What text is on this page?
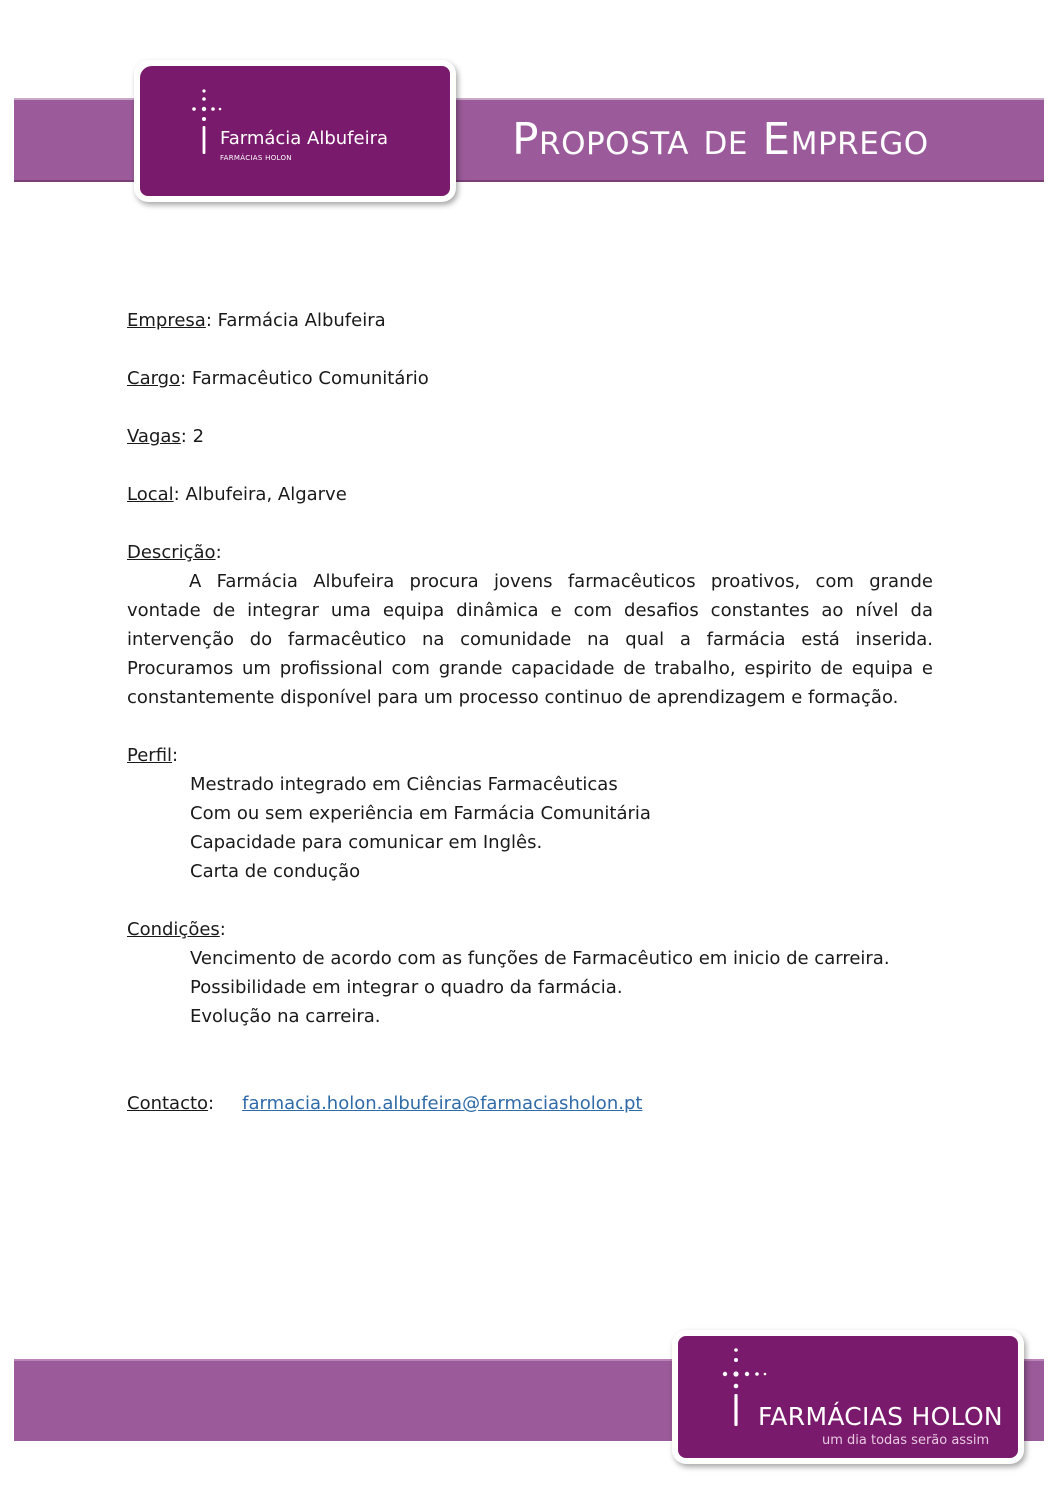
Proposta de Emprego
Farmácia Albufeira
FARMÁCIAS HOLON

Empresa: Farmácia Albufeira

Cargo: Farmacêutico Comunitário

Vagas: 2

Local: Albufeira, Algarve

Descrição:

A Farmácia Albufeira procura jovens farmacêuticos proativos, com grande vontade de integrar uma equipa dinâmica e com desafios constantes ao nível da intervenção do farmacêutico na comunidade na qual a farmácia está inserida. Procuramos um profissional com grande capacidade de trabalho, espirito de equipa e constantemente disponível para um processo continuo de aprendizagem e formação.

Perfil:

Mestrado integrado em Ciências Farmacêuticas

Com ou sem experiência em Farmácia Comunitária

Capacidade para comunicar em Inglês.

Carta de condução

Condições:

Vencimento de acordo com as funções de Farmacêutico em inicio de carreira.

Possibilidade em integrar o quadro da farmácia.

Evolução na carreira.

Contacto: farmacia.holon.albufeira@farmaciasholon.pt

FARMÁCIAS HOLON
um dia todas serão assim
